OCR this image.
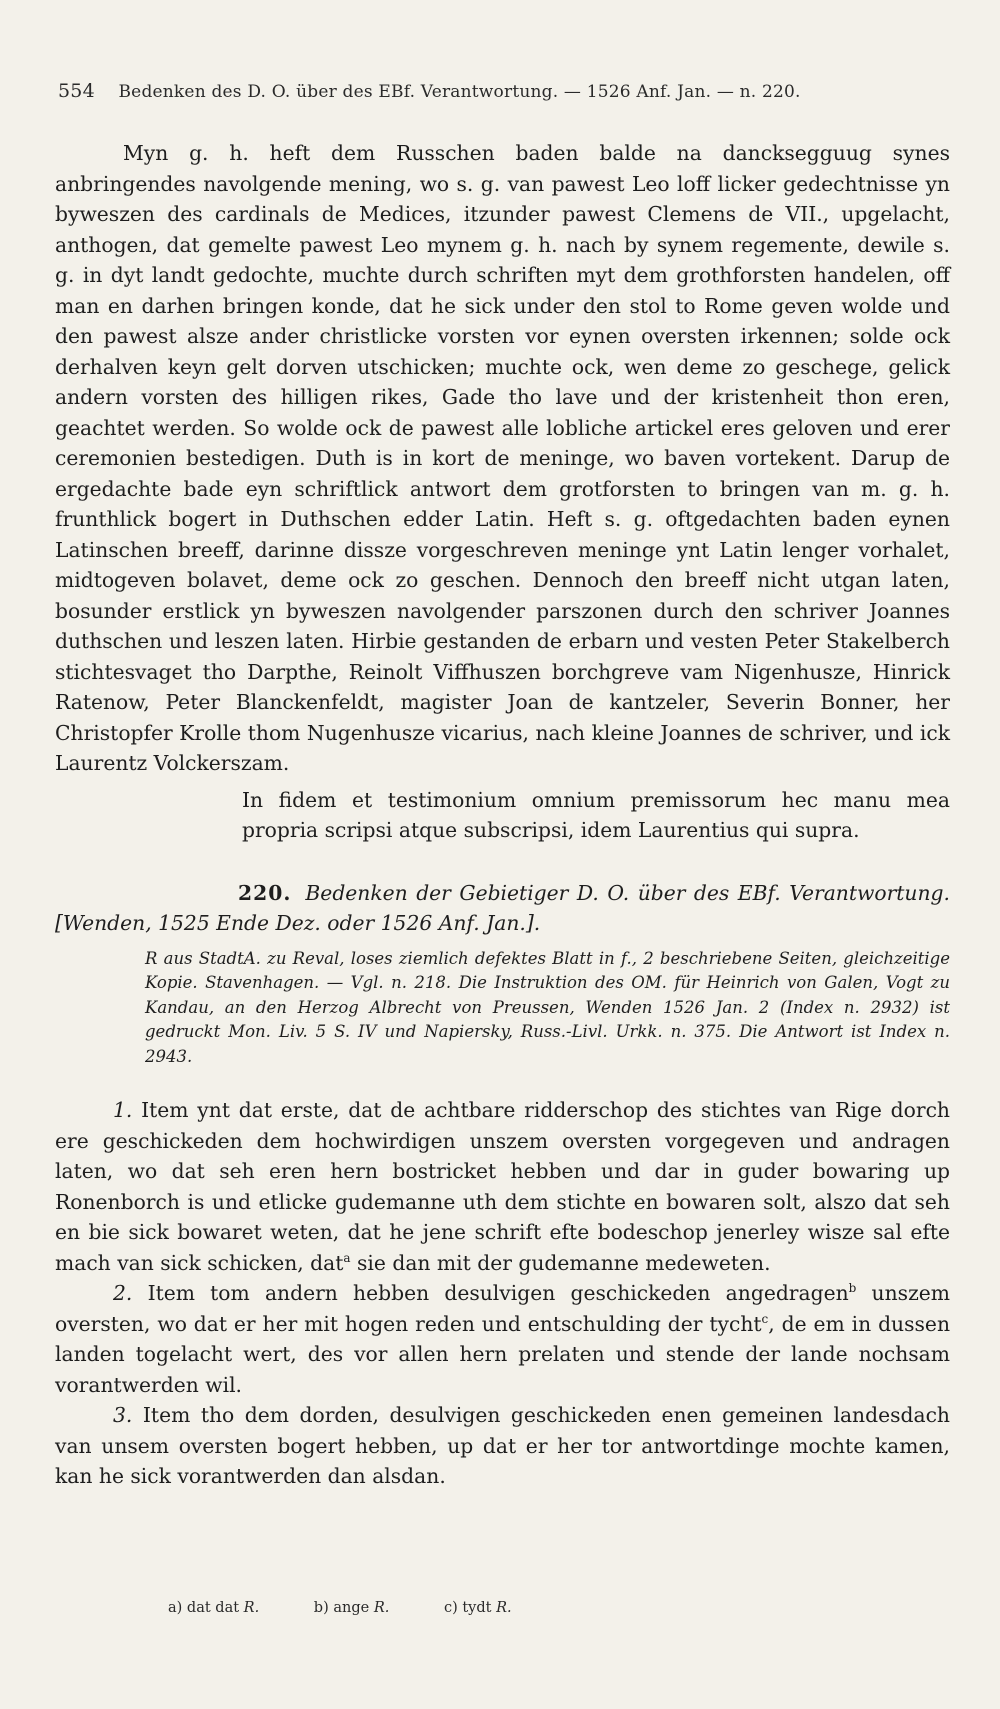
554 Bedenken des D. O. über des EBf. Verantwortung. — 1526 Anf. Jan. — n. 220.

Myn g. h. heft dem Russchen baden balde na dancksegguug synes anbringendes navolgende mening, wo s. g. van pawest Leo loff licker gedechtnisse yn byweszen des cardinals de Medices, itzunder pawest Clemens de VII., upgelacht, anthogen, dat gemelte pawest Leo mynem g. h. nach by synem regemente, dewile s. g. in dyt landt gedochte, muchte durch schriften myt dem grothforsten handelen, off man en darhen bringen konde, dat he sick under den stol to Rome geven wolde und den pawest alsze ander christlicke vorsten vor eynen oversten irkennen; solde ock derhalven keyn gelt dorven utschicken; muchte ock, wen deme zo geschege, gelick andern vorsten des hilligen rikes, Gade tho lave und der kristenheit thon eren, geachtet werden. So wolde ock de pawest alle lobliche artickel eres geloven und erer ceremonien bestedigen. Duth is in kort de meninge, wo baven vortekent. Darup de ergedachte bade eyn schriftlick antwort dem grotforsten to bringen van m. g. h. frunthlick bogert in Duthschen edder Latin. Heft s. g. oftgedachten baden eynen Latinschen breeff, darinne dissze vorgeschreven meninge ynt Latin lenger vorhalet, midtogeven bolavet, deme ock zo geschen. Dennoch den breeff nicht utgan laten, bosunder erstlick yn byweszen navolgender parszonen durch den schriver Joannes duthschen und leszen laten. Hirbie gestanden de erbarn und vesten Peter Stakelberch stichtesvaget tho Darpthe, Reinolt Viffhuszen borchgreve vam Nigenhusze, Hinrick Ratenow, Peter Blanckenfeldt, magister Joan de kantzeler, Severin Bonner, her Christopfer Krolle thom Nugenhusze vicarius, nach kleine Joannes de schriver, und ick Laurentz Volckerszam.

In fidem et testimonium omnium premissorum hec manu mea propria scripsi atque subscripsi, idem Laurentius qui supra.

220. Bedenken der Gebietiger D. O. über des EBf. Verantwortung. [Wenden, 1525 Ende Dez. oder 1526 Anf. Jan.].

R aus StadtA. zu Reval, loses ziemlich defektes Blatt in f., 2 beschriebene Seiten, gleichzeitige Kopie. Stavenhagen. — Vgl. n. 218. Die Instruktion des OM. für Heinrich von Galen, Vogt zu Kandau, an den Herzog Albrecht von Preussen, Wenden 1526 Jan. 2 (Index n. 2932) ist gedruckt Mon. Liv. 5 S. IV und Napiersky, Russ.-Livl. Urkk. n. 375. Die Antwort ist Index n. 2943.

1. Item ynt dat erste, dat de achtbare ridderschop des stichtes van Rige dorch ere geschickeden dem hochwirdigen unszem oversten vorgegeven und andragen laten, wo dat seh eren hern bostricket hebben und dar in guder bowaring up Ronenborch is und etlicke gudemanne uth dem stichte en bowaren solt, alszo dat seh en bie sick bowaret weten, dat he jene schrift efte bodeschop jenerley wisze sal efte mach van sick schicken, dat$^a$ sie dan mit der gudemanne medeweten.

2. Item tom andern hebben desulvigen geschickeden angedragen$^b$ unszem oversten, wo dat er her mit hogen reden und entschulding der tycht$^c$, de em in dussen landen togelacht wert, des vor allen hern prelaten und stende der lande nochsam vorantwerden wil.

3. Item tho dem dorden, desulvigen geschickeden enen gemeinen landesdach van unsem oversten bogert hebben, up dat er her tor antwortdinge mochte kamen, kan he sick vorantwerden dan alsdan.

a) dat dat R.	b) ange R.	c) tydt R.
